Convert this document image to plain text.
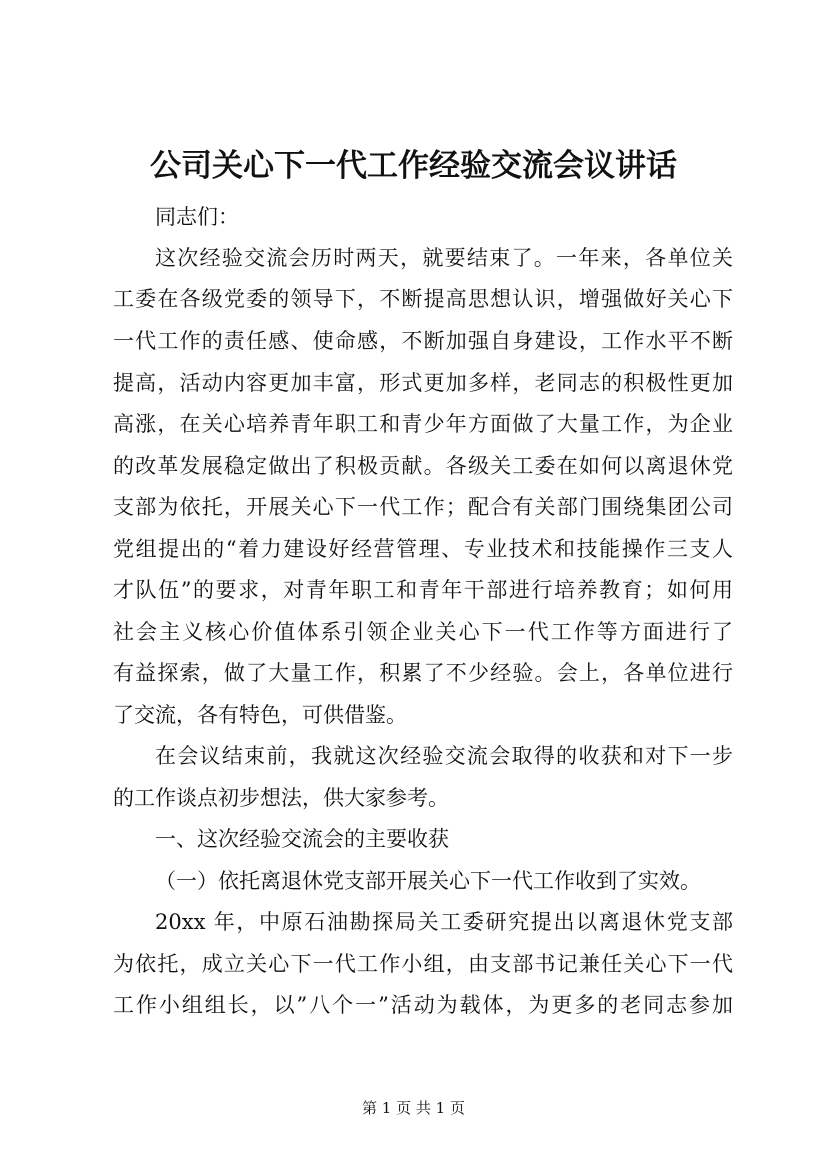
公司关心下一代工作经验交流会议讲话
同志们：
这次经验交流会历时两天，就要结束了。一年来，各单位关
工委在各级党委的领导下，不断提高思想认识，增强做好关心下
一代工作的责任感、使命感，不断加强自身建设，工作水平不断
提高，活动内容更加丰富，形式更加多样，老同志的积极性更加
高涨，在关心培养青年职工和青少年方面做了大量工作，为企业
的改革发展稳定做出了积极贡献。各级关工委在如何以离退休党
支部为依托，开展关心下一代工作；配合有关部门围绕集团公司
党组提出的“着力建设好经营管理、专业技术和技能操作三支人
才队伍”的要求，对青年职工和青年干部进行培养教育；如何用
社会主义核心价值体系引领企业关心下一代工作等方面进行了
有益探索，做了大量工作，积累了不少经验。会上，各单位进行
了交流，各有特色，可供借鉴。
在会议结束前，我就这次经验交流会取得的收获和对下一步
的工作谈点初步想法，供大家参考。
一、这次经验交流会的主要收获
（一）依托离退休党支部开展关心下一代工作收到了实效。
20xx 年，中原石油勘探局关工委研究提出以离退休党支部
为依托，成立关心下一代工作小组，由支部书记兼任关心下一代
工作小组组长，以”八个一”活动为载体，为更多的老同志参加
第 1 页 共 1 页
